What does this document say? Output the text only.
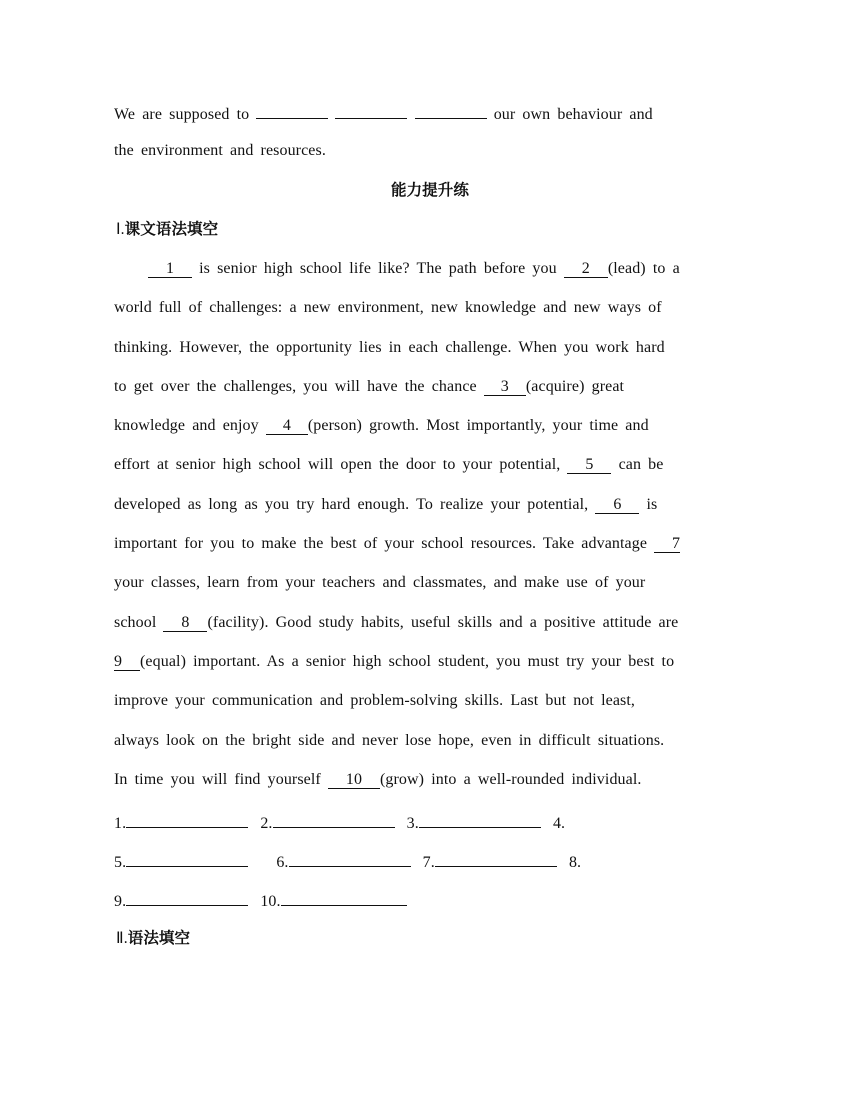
We are supposed to	our own behaviour and
the environment and resources.
能力提升练
Ⅰ.课文语法填空
1 is senior high school life like? The path before you 2 (lead) to a
world full of challenges: a new environment, new knowledge and new ways of
thinking. However, the opportunity lies in each challenge. When you work hard
to get over the challenges, you will have the chance 3 (acquire) great
knowledge and enjoy 4 (person) growth. Most importantly, your time and
effort at senior high school will open the door to your potential, 5 can be
developed as long as you try hard enough. To realize your potential, 6 is
important for you to make the best of your school resources. Take advantage 7
your classes, learn from your teachers and classmates, and make use of your
school 8 (facility). Good study habits, useful skills and a positive attitude are
9 (equal) important. As a senior high school student, you must try your best to
improve your communication and problem-solving skills. Last but not least,
always look on the bright side and never lose hope, even in difficult situations.
In time you will find yourself 10 (grow) into a well-rounded individual.
1.	2.	3.	4.
5.	6.	7.	8.
9.	10.
Ⅱ.语法填空
